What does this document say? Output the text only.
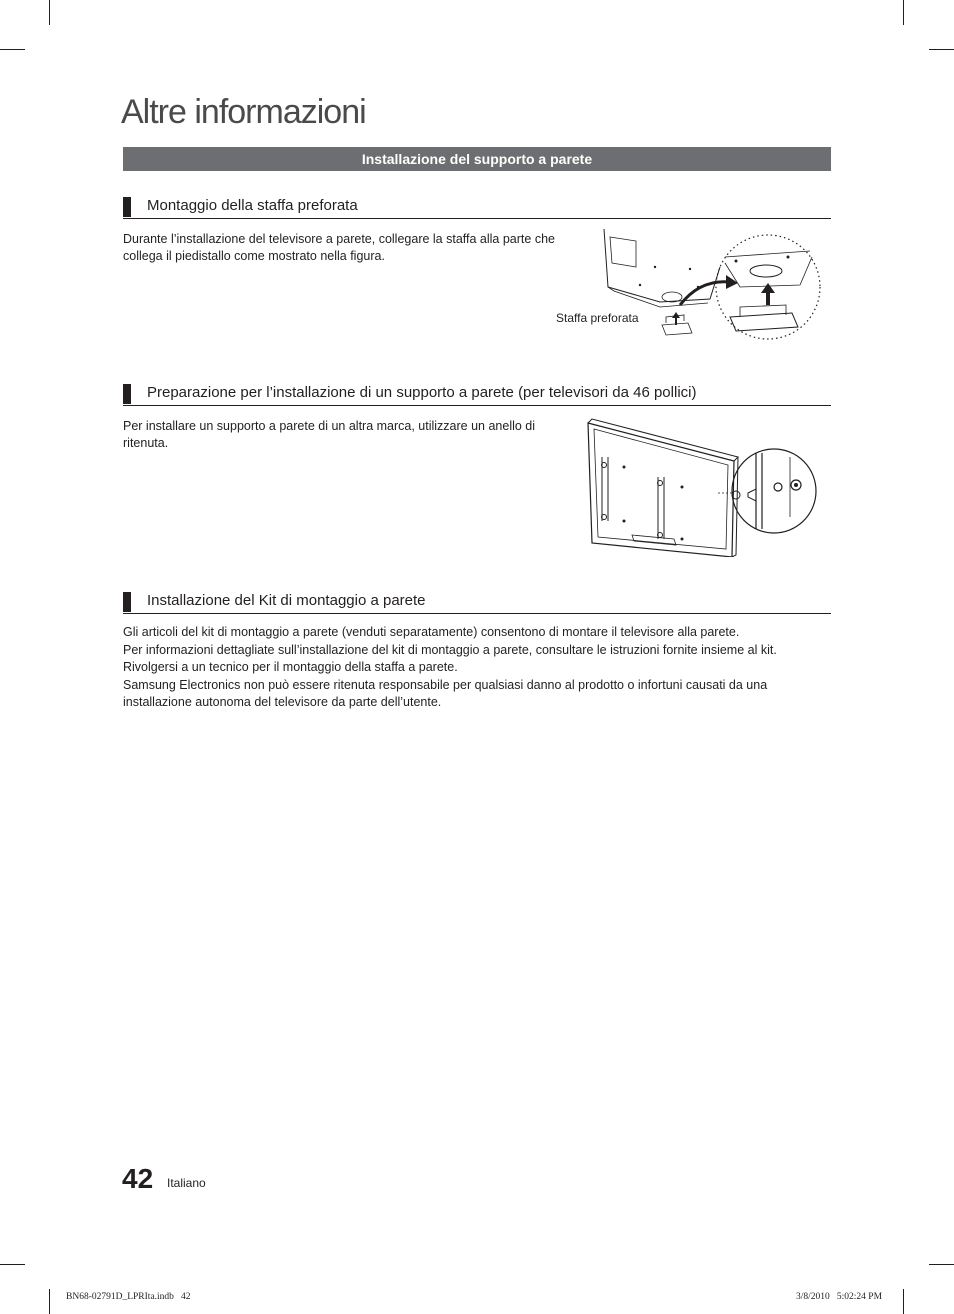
Altre informazioni
Installazione del supporto a parete
Montaggio della staffa preforata

Durante l’installazione del televisore a parete, collegare la staffa alla parte che collega il piedistallo come mostrato nella figura.

Staffa preforata
Preparazione per l’installazione di un supporto a parete (per televisori da 46 pollici)

Per installare un supporto a parete di un altra marca, utilizzare un anello di ritenuta.

Installazione del Kit di montaggio a parete

Gli articoli del kit di montaggio a parete (venduti separatamente) consentono di montare il televisore alla parete.

Per informazioni dettagliate sull’installazione del kit di montaggio a parete, consultare le istruzioni fornite insieme al kit. Rivolgersi a un tecnico per il montaggio della staffa a parete.

Samsung Electronics non può essere ritenuta responsabile per qualsiasi danno al prodotto o infortuni causati da una installazione autonoma del televisore da parte dell’utente.

42 Italiano
BN68-02791D_LPRIta.indb   42	3/8/2010   5:02:24 PM
